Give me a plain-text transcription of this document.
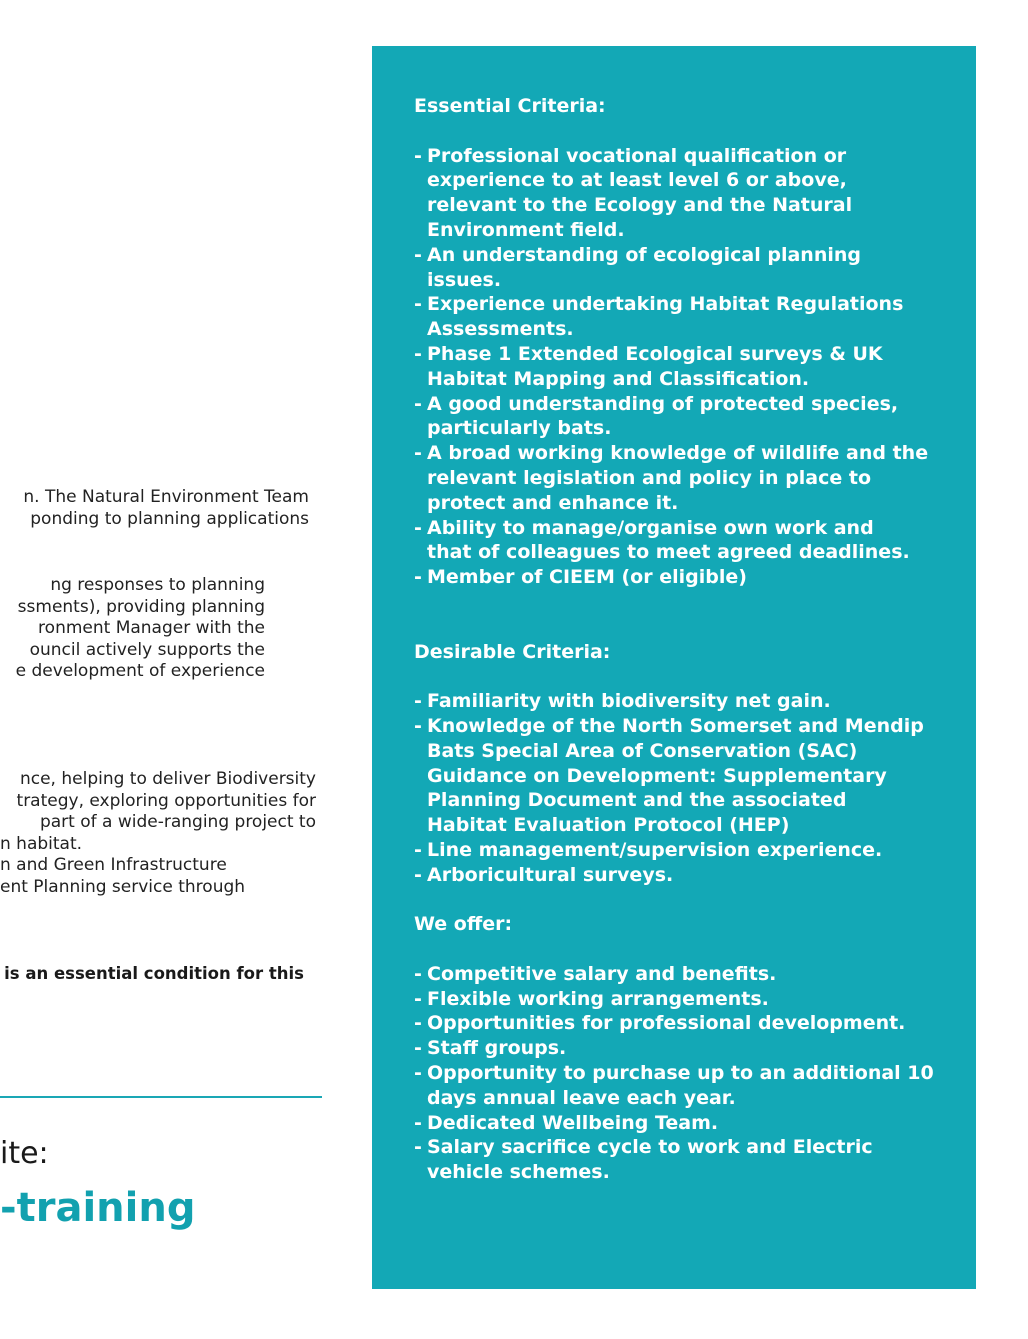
n. The Natural Environment Team
ponding to planning applications
ng responses to planning
ssments), providing planning
ronment Manager with the
ouncil actively supports the
e development of experience
nce, helping to deliver Biodiversity
trategy, exploring opportunities for
part of a wide-ranging project to
n habitat.
n and Green Infrastructure
ent Planning service through
is an essential condition for this
ite:
-training
Essential Criteria:
- Professional vocational qualification or
experience to at least level 6 or above,
relevant to the Ecology and the Natural
Environment field.
- An understanding of ecological planning
issues.
- Experience undertaking Habitat Regulations
Assessments.
- Phase 1 Extended Ecological surveys & UK
Habitat Mapping and Classification.
- A good understanding of protected species,
particularly bats.
- A broad working knowledge of wildlife and the
relevant legislation and policy in place to
protect and enhance it.
- Ability to manage/organise own work and
that of colleagues to meet agreed deadlines.
- Member of CIEEM (or eligible)
Desirable Criteria:
- Familiarity with biodiversity net gain.
- Knowledge of the North Somerset and Mendip
Bats Special Area of Conservation (SAC)
Guidance on Development: Supplementary
Planning Document and the associated
Habitat Evaluation Protocol (HEP)
- Line management/supervision experience.
- Arboricultural surveys.
We offer:
- Competitive salary and benefits.
- Flexible working arrangements.
- Opportunities for professional development.
- Staff groups.
- Opportunity to purchase up to an additional 10
days annual leave each year.
- Dedicated Wellbeing Team.
- Salary sacrifice cycle to work and Electric
vehicle schemes.
